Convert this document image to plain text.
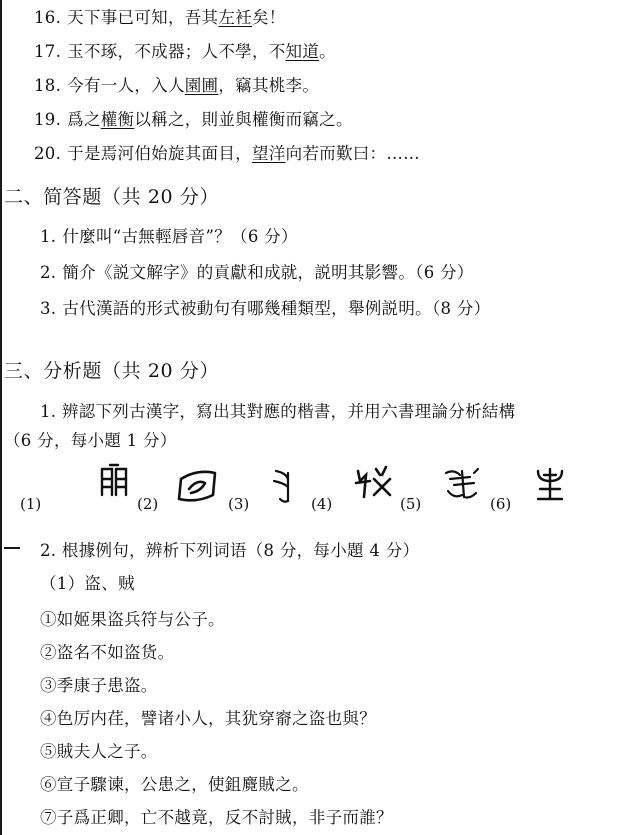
16. 天下事已可知，吾其左衽矣！
17. 玉不琢，不成器；人不學，不知道。
18. 今有一人，入人園圃，竊其桃李。
19. 爲之權衡以稱之，則並與權衡而竊之。
20. 于是焉河伯始旋其面目，望洋向若而歎曰：……
二、简答题（共 20 分）
1. 什麼叫“古無輕唇音”？（6 分）
2. 簡介《説文解字》的貢獻和成就，説明其影響。（6 分）
3. 古代漢語的形式被動句有哪幾種類型，舉例説明。（8 分）
三、分析题（共 20 分）
1. 辨認下列古漢字，寫出其對應的楷書，并用六書理論分析結構
（6 分，每小題 1 分）
(1)	(2)	(3)	(4)	(5)	(6)
2. 根據例句，辨析下列词语（8 分，每小題 4 分）
（1）盗、贼
①如姬果盗兵符与公子。
②盗名不如盗货。
③季康子患盗。
④色厉内荏，譬诸小人，其犹穿窬之盗也與？
⑤賊夫人之子。
⑥宣子驟谏，公患之，使鉏麑賊之。
⑦子爲正卿，亡不越竟，反不討賊，非子而誰？
